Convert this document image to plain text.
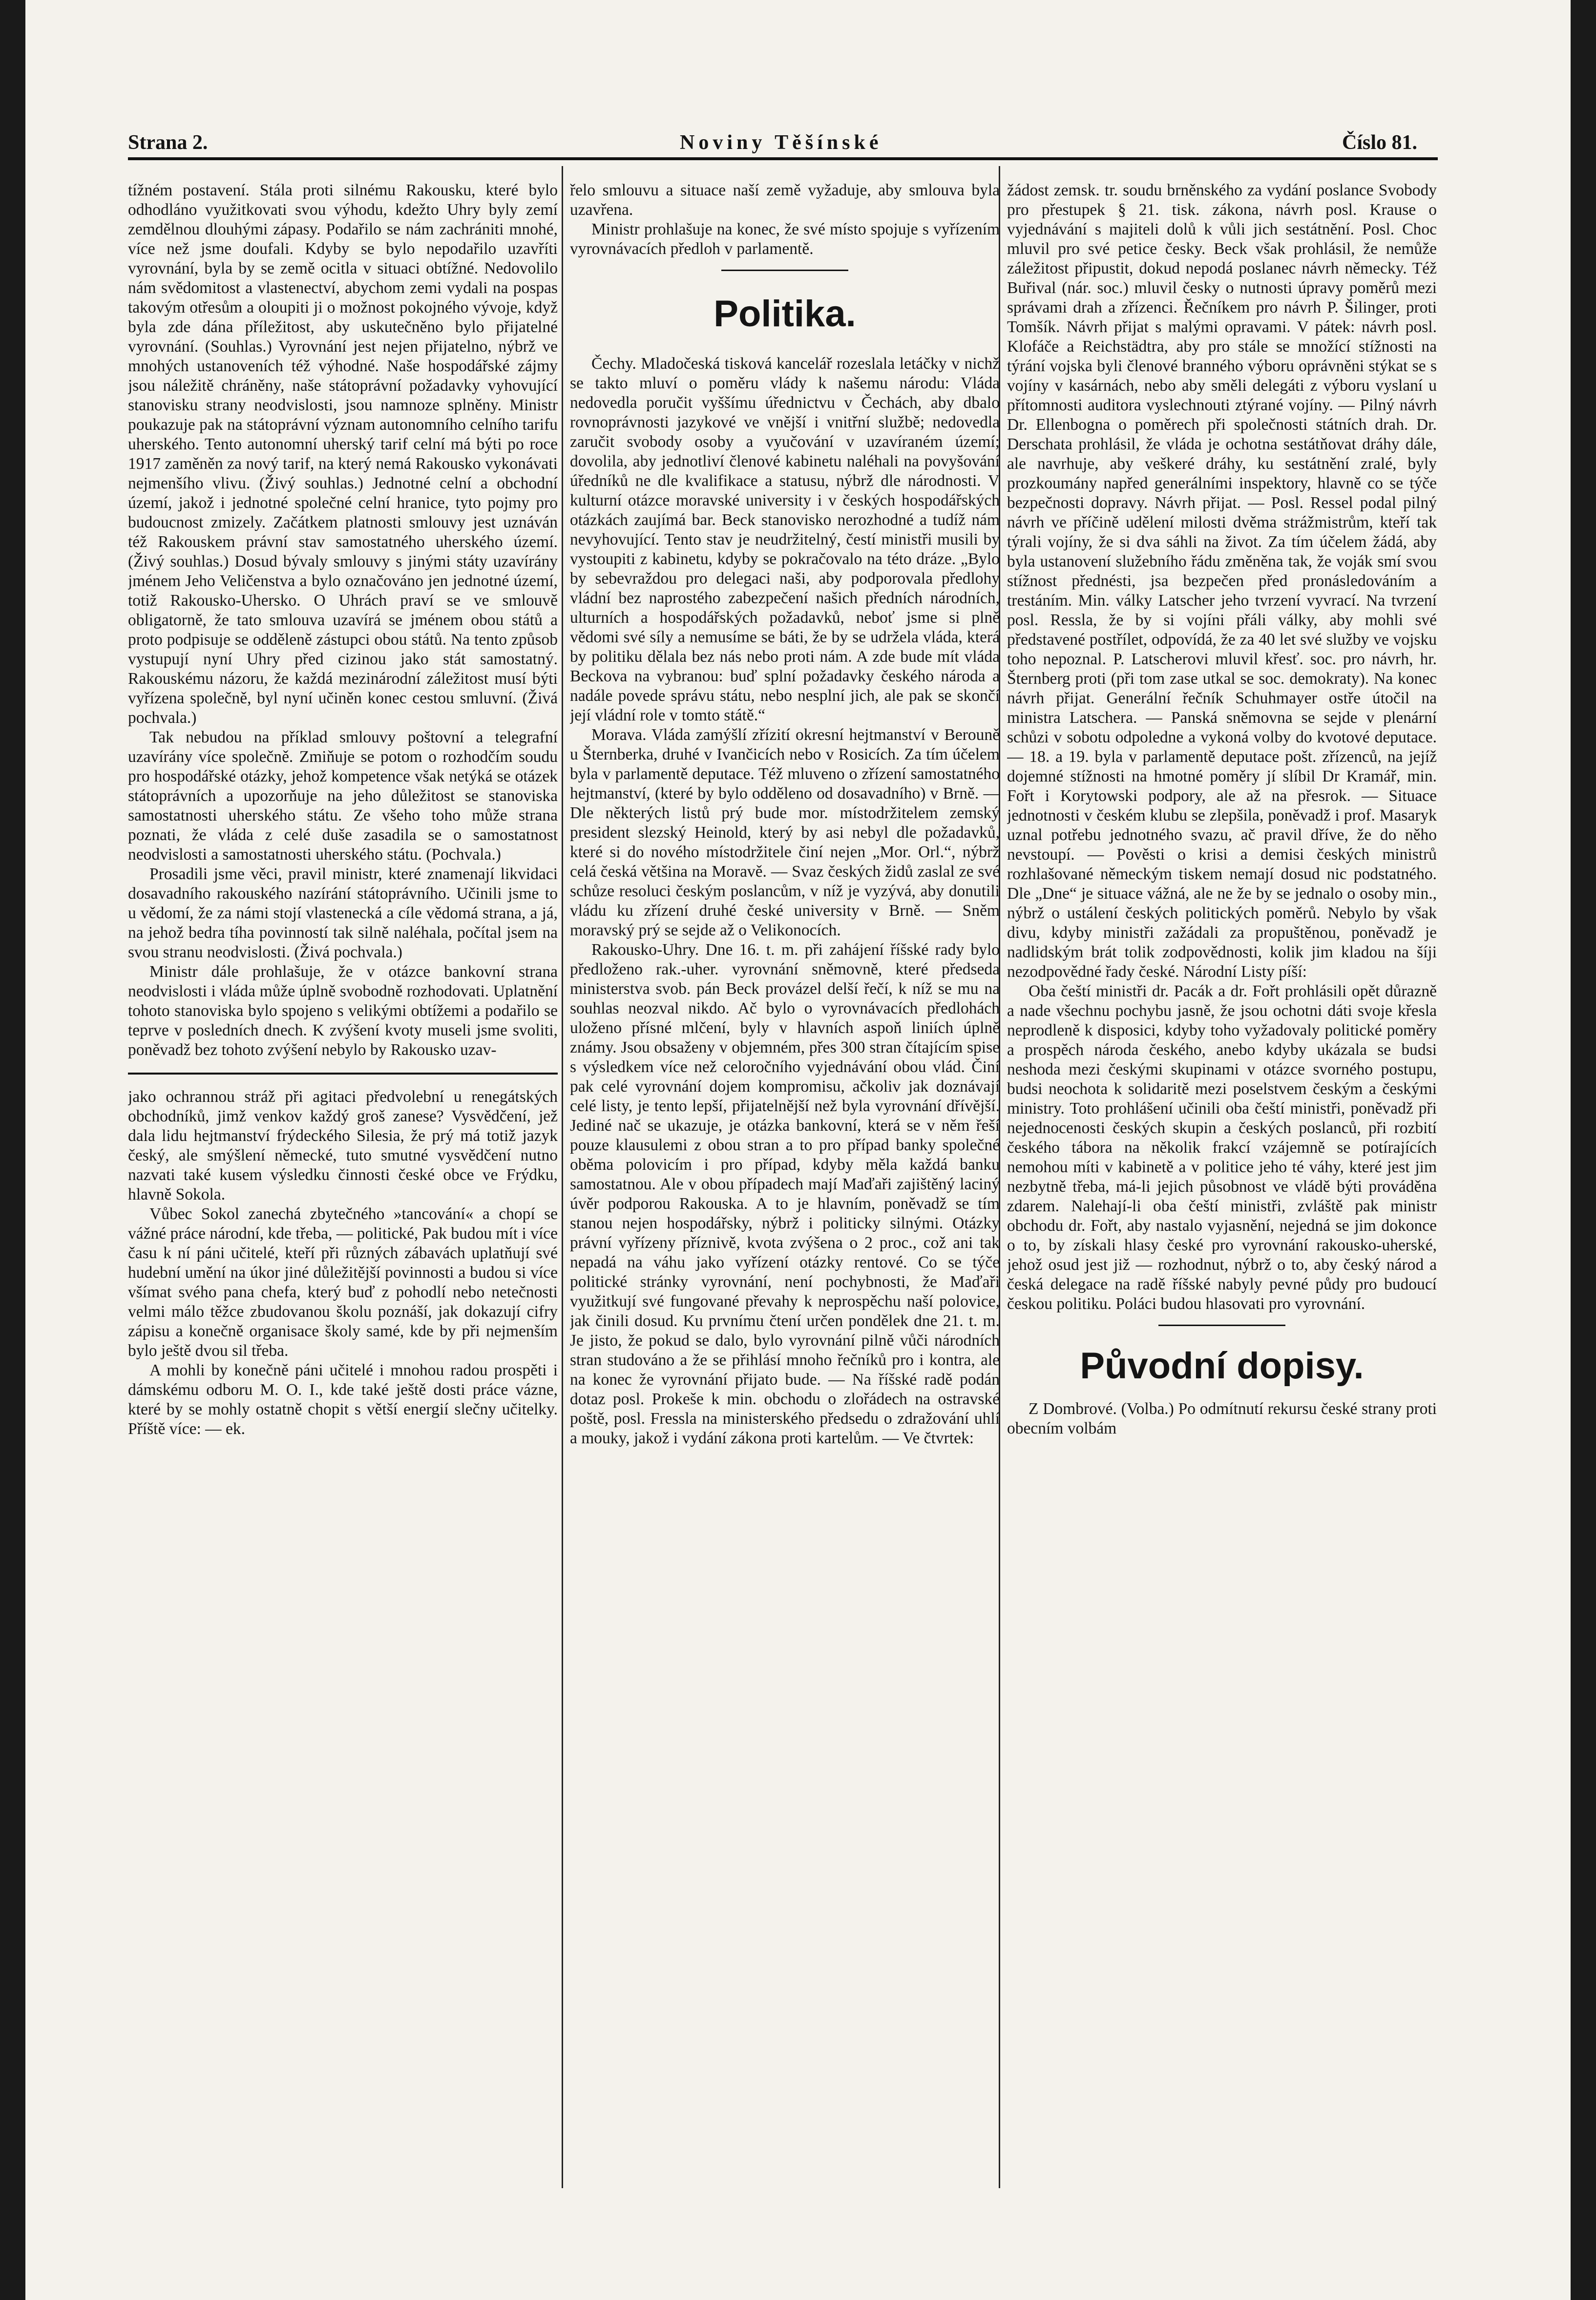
Strana 2.	Noviny Těšínské	Číslo 81.

tížném postavení. Stála proti silnému Rakousku, které bylo odhodláno využitkovati svou výhodu, kdežto Uhry byly zemí zemdělnou dlouhými zápasy. Podařilo se nám zachrániti mnohé, více než jsme doufali. Kdyby se bylo nepodařilo uzavříti vyrovnání, byla by se země ocitla v situaci obtížné. Nedovolilo nám svědomitost a vlastenectví, abychom zemi vydali na pospas takovým otřesům a oloupiti ji o možnost pokojného vývoje, když byla zde dána příležitost, aby uskutečněno bylo přijatelné vyrovnání. (Souhlas.) Vyrovnání jest nejen přijatelno, nýbrž ve mnohých ustanoveních též výhodné. Naše hospodářské zájmy jsou náležitě chráněny, naše státoprávní požadavky vyhovující stanovisku strany neodvislosti, jsou namnoze splněny. Ministr poukazuje pak na státoprávní význam autonomního celního tarifu uherského. Tento autonomní uherský tarif celní má býti po roce 1917 zaměněn za nový tarif, na který nemá Rakousko vykonávati nejmenšího vlivu. (Živý souhlas.) Jednotné celní a obchodní území, jakož i jednotné společné celní hranice, tyto pojmy pro budoucnost zmizely. Začátkem platnosti smlouvy jest uznáván též Rakouskem právní stav samostatného uherského území. (Živý souhlas.) Dosud bývaly smlouvy s jinými státy uzavírány jménem Jeho Veličenstva a bylo označováno jen jednotné území, totiž Rakousko-Uhersko. O Uhrách praví se ve smlouvě obligatorně, že tato smlouva uzavírá se jménem obou států a proto podpisuje se odděleně zástupci obou států. Na tento způsob vystupují nyní Uhry před cizinou jako stát samostatný. Rakouskému názoru, že každá mezinárodní záležitost musí býti vyřízena společně, byl nyní učiněn konec cestou smluvní. (Živá pochvala.)

Tak nebudou na příklad smlouvy poštovní a telegrafní uzavírány více společně. Zmiňuje se potom o rozhodčím soudu pro hospodářské otázky, jehož kompetence však netýká se otázek státoprávních a upozorňuje na jeho důležitost se stanoviska samostatnosti uherského státu. Ze všeho toho může strana poznati, že vláda z celé duše zasadila se o samostatnost neodvislosti a samostatnosti uherského státu. (Pochvala.)

Prosadili jsme věci, pravil ministr, které znamenají likvidaci dosavadního rakouského nazírání státoprávního. Učinili jsme to u vědomí, že za námi stojí vlastenecká a cíle vědomá strana, a já, na jehož bedra tíha povinností tak silně naléhala, počítal jsem na svou stranu neodvislosti. (Živá pochvala.)

Ministr dále prohlašuje, že v otázce bankovní strana neodvislosti i vláda může úplně svobodně rozhodovati. Uplatnění tohoto stanoviska bylo spojeno s velikými obtížemi a podařilo se teprve v posledních dnech. K zvýšení kvoty museli jsme svoliti, poněvadž bez tohoto zvýšení nebylo by Rakousko uzav-

jako ochrannou stráž při agitaci předvolební u renegátských obchodníků, jimž venkov každý groš zanese? Vysvědčení, jež dala lidu hejtmanství frýdeckého Silesia, že prý má totiž jazyk český, ale smýšlení německé, tuto smutné vysvědčení nutno nazvati také kusem výsledku činnosti české obce ve Frýdku, hlavně Sokola.

Vůbec Sokol zanechá zbytečného »tancování« a chopí se vážné práce národní, kde třeba, — politické, Pak budou mít i více času k ní páni učitelé, kteří při různých zábavách uplatňují své hudební umění na úkor jiné důležitější povinnosti a budou si více všímat svého pana chefa, který buď z pohodlí nebo netečnosti velmi málo těžce zbudovanou školu poznáší, jak dokazují cifry zápisu a konečně organisace školy samé, kde by při nejmenším bylo ještě dvou sil třeba.

A mohli by konečně páni učitelé i mnohou radou prospěti i dámskému odboru M. O. I., kde také ještě dosti práce vázne, které by se mohly ostatně chopit s větší energií slečny učitelky. Příště více: — ek.

řelo smlouvu a situace naší země vyžaduje, aby smlouva byla uzavřena.

Ministr prohlašuje na konec, že své místo spojuje s vyřízením vyrovnávacích předloh v parlamentě.

Politika.

Čechy. Mladočeská tisková kancelář rozeslala letáčky v nichž se takto mluví o poměru vlády k našemu národu: Vláda nedovedla poručit vyššímu úřednictvu v Čechách, aby dbalo rovnoprávnosti jazykové ve vnější i vnitřní službě; nedovedla zaručit svobody osoby a vyučování v uzavíraném území; dovolila, aby jednotliví členové kabinetu naléhali na povyšování úředníků ne dle kvalifikace a statusu, nýbrž dle národnosti. V kulturní otázce moravské university i v českých hospodářských otázkách zaujímá bar. Beck stanovisko nerozhodné a tudíž nám nevyhovující. Tento stav je neudržitelný, čestí ministři musili by vystoupiti z kabinetu, kdyby se pokračovalo na této dráze. „Bylo by sebevraždou pro delegaci naši, aby podporovala předlohy vládní bez naprostého zabezpečení našich předních národních, ulturních a hospodářských požadavků, neboť jsme si plně vědomi své síly a nemusíme se báti, že by se udržela vláda, která by politiku dělala bez nás nebo proti nám. A zde bude mít vláda Beckova na vybranou: buď splní požadavky českého národa a nadále povede správu státu, nebo nesplní jich, ale pak se skončí její vládní role v tomto státě.“

Morava. Vláda zamýšlí zřízití okresní hejtmanství v Berouně u Šternberka, druhé v Ivančicích nebo v Rosicích. Za tím účelem byla v parlamentě deputace. Též mluveno o zřízení samostatného hejtmanství, (které by bylo odděleno od dosavadního) v Brně. — Dle některých listů prý bude mor. místodržitelem zemský president slezský Heinold, který by asi nebyl dle požadavků, které si do nového místodržitele činí nejen „Mor. Orl.“, nýbrž celá česká většina na Moravě. — Svaz českých židů zaslal ze své schůze resoluci českým poslancům, v níž je vyzývá, aby donutili vládu ku zřízení druhé české university v Brně. — Sněm moravský prý se sejde až o Velikonocích.

Rakousko-Uhry. Dne 16. t. m. při zahájení říšské rady bylo předloženo rak.-uher. vyrovnání sněmovně, které předseda ministerstva svob. pán Beck provázel delší řečí, k níž se mu na souhlas neozval nikdo. Ač bylo o vyrovnávacích předlohách uloženo přísné mlčení, byly v hlavních aspoň liniích úplně známy. Jsou obsaženy v objemném, přes 300 stran čítajícím spise s výsledkem více než celoročního vyjednávání obou vlád. Činí pak celé vyrovnání dojem kompromisu, ačkoliv jak doznávají celé listy, je tento lepší, přijatelnější než byla vyrovnání dřívější. Jediné nač se ukazuje, je otázka bankovní, která se v něm řeší pouze klausulemi z obou stran a to pro případ banky společné oběma polovicím i pro případ, kdyby měla každá banku samostatnou. Ale v obou případech mají Maďaři zajištěný laciný úvěr podporou Rakouska. A to je hlavním, poněvadž se tím stanou nejen hospodářsky, nýbrž i politicky silnými. Otázky právní vyřízeny příznivě, kvota zvýšena o 2 proc., což ani tak nepadá na váhu jako vyřízení otázky rentové. Co se týče politické stránky vyrovnání, není pochybnosti, že Maďaři využitkují své fungované převahy k neprospěchu naší polovice, jak činili dosud. Ku prvnímu čtení určen pondělek dne 21. t. m. Je jisto, že pokud se dalo, bylo vyrovnání pilně vůči národních stran studováno a že se přihlásí mnoho řečníků pro i kontra, ale na konec že vyrovnání přijato bude. — Na říšské radě podán dotaz posl. Prokeše k min. obchodu o zlořádech na ostravské poště, posl. Fressla na ministerského předsedu o zdražování uhlí a mouky, jakož i vydání zákona proti kartelům. — Ve čtvrtek:

žádost zemsk. tr. soudu brněnského za vydání poslance Svobody pro přestupek § 21. tisk. zákona, návrh posl. Krause o vyjednávání s majiteli dolů k vůli jich sestátnění. Posl. Choc mluvil pro své petice česky. Beck však prohlásil, že nemůže záležitost připustit, dokud nepodá poslanec návrh německy. Též Buřival (nár. soc.) mluvil česky o nutnosti úpravy poměrů mezi správami drah a zřízenci. Řečníkem pro návrh P. Šilinger, proti Tomšík. Návrh přijat s malými opravami. V pátek: návrh posl. Klofáče a Reichstädtra, aby pro stále se množící stížnosti na týrání vojska byli členové branného výboru oprávněni stýkat se s vojíny v kasárnách, nebo aby směli delegáti z výboru vyslaní u přítomnosti auditora vyslechnouti ztýrané vojíny. — Pilný návrh Dr. Ellenbogna o poměrech při společnosti státních drah. Dr. Derschata prohlásil, že vláda je ochotna sestátňovat dráhy dále, ale navrhuje, aby veškeré dráhy, ku sestátnění zralé, byly prozkoumány napřed generálními inspektory, hlavně co se týče bezpečnosti dopravy. Návrh přijat. — Posl. Ressel podal pilný návrh ve příčině udělení milosti dvěma strážmistrům, kteří tak týrali vojíny, že si dva sáhli na život. Za tím účelem žádá, aby byla ustanovení služebního řádu změněna tak, že voják smí svou stížnost přednésti, jsa bezpečen před pronásledováním a trestáním. Min. války Latscher jeho tvrzení vyvrací. Na tvrzení posl. Ressla, že by si vojíni přáli války, aby mohli své představené postřílet, odpovídá, že za 40 let své služby ve vojsku toho nepoznal. P. Latscherovi mluvil křesť. soc. pro návrh, hr. Šternberg proti (při tom zase utkal se soc. demokraty). Na konec návrh přijat. Generální řečník Schuhmayer ostře útočil na ministra Latschera. — Panská sněmovna se sejde v plenární schůzi v sobotu odpoledne a vykoná volby do kvotové deputace. — 18. a 19. byla v parlamentě deputace pošt. zřízenců, na jejíž dojemné stížnosti na hmotné poměry jí slíbil Dr Kramář, min. Fořt i Korytowski podpory, ale až na přesrok. — Situace jednotnosti v českém klubu se zlepšila, poněvadž i prof. Masaryk uznal potřebu jednotného svazu, ač pravil dříve, že do něho nevstoupí. — Pověsti o krisi a demisi českých ministrů rozhlašované německým tiskem nemají dosud nic podstatného. Dle „Dne“ je situace vážná, ale ne že by se jednalo o osoby min., nýbrž o ustálení českých politických poměrů. Nebylo by však divu, kdyby ministři zažádali za propuštěnou, poněvadž je nadlidským brát tolik zodpovědnosti, kolik jim kladou na šíji nezodpovědné řady české. Národní Listy píší:

Oba čeští ministři dr. Pacák a dr. Fořt prohlásili opět důrazně a nade všechnu pochybu jasně, že jsou ochotni dáti svoje křesla neprodleně k disposici, kdyby toho vyžadovaly politické poměry a prospěch národa českého, anebo kdyby ukázala se budsi neshoda mezi českými skupinami v otázce svorného postupu, budsi neochota k solidaritě mezi poselstvem českým a českými ministry. Toto prohlášení učinili oba čeští ministři, poněvadž při nejednocenosti českých skupin a českých poslanců, při rozbití českého tábora na několik frakcí vzájemně se potírajících nemohou míti v kabinetě a v politice jeho té váhy, které jest jim nezbytně třeba, má-li jejich působnost ve vládě býti prováděna zdarem. Nalehají-li oba čeští ministři, zvláště pak ministr obchodu dr. Fořt, aby nastalo vyjasnění, nejedná se jim dokonce o to, by získali hlasy české pro vyrovnání rakousko-uherské, jehož osud jest již — rozhodnut, nýbrž o to, aby český národ a česká delegace na radě říšské nabyly pevné půdy pro budoucí českou politiku. Poláci budou hlasovati pro vyrovnání.

Původní dopisy.

Z Dombrové. (Volba.) Po odmítnutí rekursu české strany proti obecním volbám
